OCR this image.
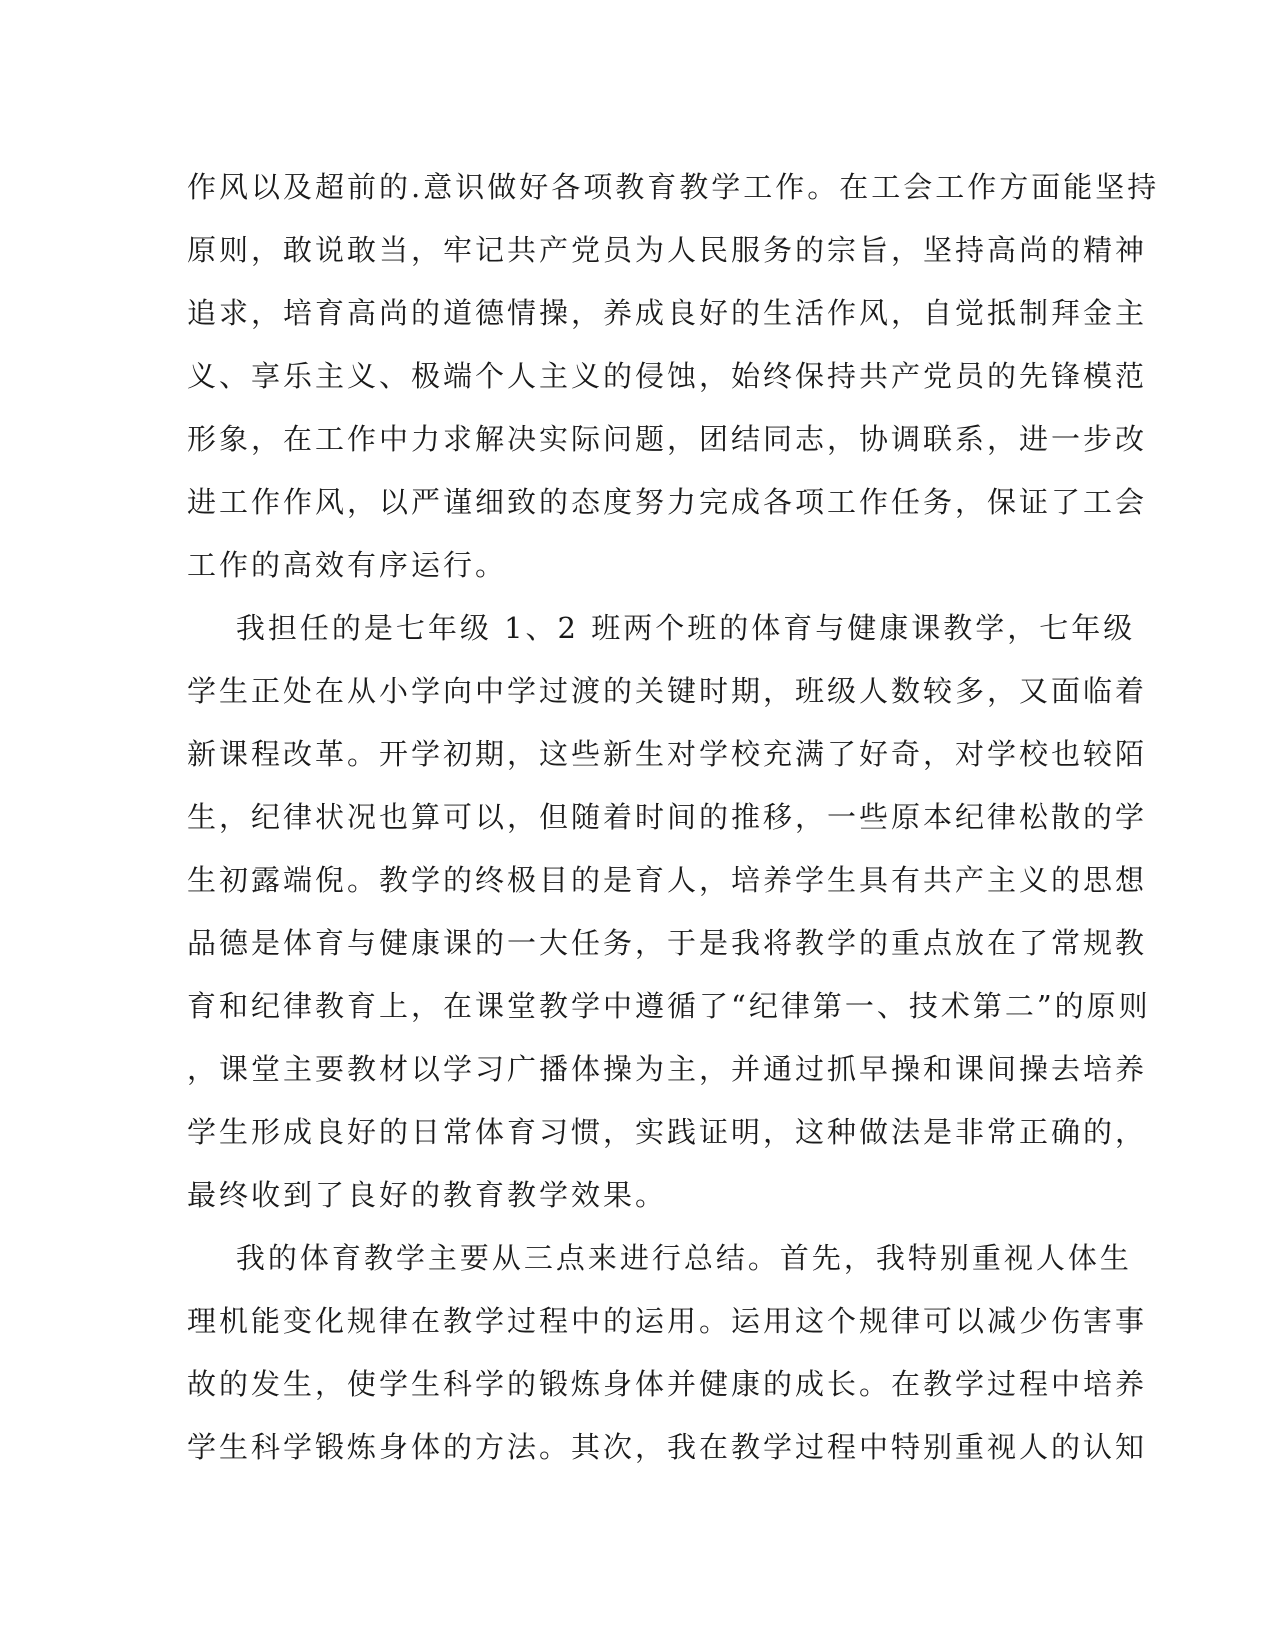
作风以及超前的.意识做好各项教育教学工作。在工会工作方面能坚持
原则，敢说敢当，牢记共产党员为人民服务的宗旨，坚持高尚的精神
追求，培育高尚的道德情操，养成良好的生活作风，自觉抵制拜金主
义、享乐主义、极端个人主义的侵蚀，始终保持共产党员的先锋模范
形象，在工作中力求解决实际问题，团结同志，协调联系，进一步改
进工作作风，以严谨细致的态度努力完成各项工作任务，保证了工会
工作的高效有序运行。
我担任的是七年级 1、2 班两个班的体育与健康课教学，七年级
学生正处在从小学向中学过渡的关键时期，班级人数较多，又面临着
新课程改革。开学初期，这些新生对学校充满了好奇，对学校也较陌
生，纪律状况也算可以，但随着时间的推移，一些原本纪律松散的学
生初露端倪。教学的终极目的是育人，培养学生具有共产主义的思想
品德是体育与健康课的一大任务，于是我将教学的重点放在了常规教
育和纪律教育上，在课堂教学中遵循了“纪律第一、技术第二”的原则
，课堂主要教材以学习广播体操为主，并通过抓早操和课间操去培养
学生形成良好的日常体育习惯，实践证明，这种做法是非常正确的，
最终收到了良好的教育教学效果。
我的体育教学主要从三点来进行总结。首先，我特别重视人体生
理机能变化规律在教学过程中的运用。运用这个规律可以减少伤害事
故的发生，使学生科学的锻炼身体并健康的成长。在教学过程中培养
学生科学锻炼身体的方法。其次，我在教学过程中特别重视人的认知
